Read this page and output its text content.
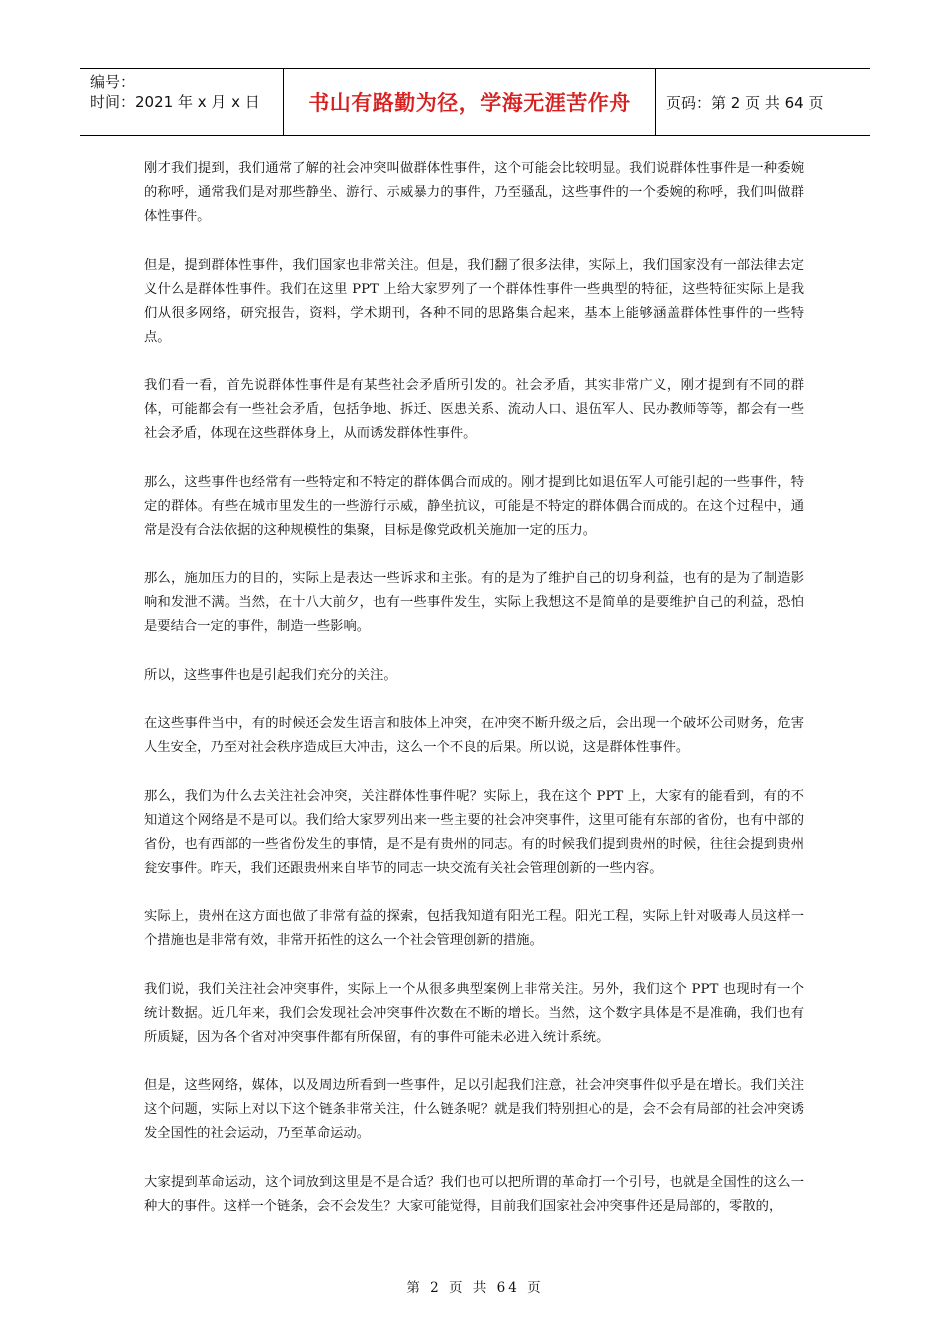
编号：
时间：2021 年 x 月 x 日	书山有路勤为径，学海无涯苦作舟	页码：第 2 页 共 64 页

刚才我们提到，我们通常了解的社会冲突叫做群体性事件，这个可能会比较明显。我们说群体性事件是一种委婉的称呼，通常我们是对那些静坐、游行、示威暴力的事件，乃至骚乱，这些事件的一个委婉的称呼，我们叫做群体性事件。

但是，提到群体性事件，我们国家也非常关注。但是，我们翻了很多法律，实际上，我们国家没有一部法律去定义什么是群体性事件。我们在这里 PPT 上给大家罗列了一个群体性事件一些典型的特征，这些特征实际上是我们从很多网络，研究报告，资料，学术期刊，各种不同的思路集合起来，基本上能够涵盖群体性事件的一些特点。

我们看一看，首先说群体性事件是有某些社会矛盾所引发的。社会矛盾，其实非常广义，刚才提到有不同的群体，可能都会有一些社会矛盾，包括争地、拆迁、医患关系、流动人口、退伍军人、民办教师等等，都会有一些社会矛盾，体现在这些群体身上，从而诱发群体性事件。

那么，这些事件也经常有一些特定和不特定的群体偶合而成的。刚才提到比如退伍军人可能引起的一些事件，特定的群体。有些在城市里发生的一些游行示威，静坐抗议，可能是不特定的群体偶合而成的。在这个过程中，通常是没有合法依据的这种规模性的集聚，目标是像党政机关施加一定的压力。

那么，施加压力的目的，实际上是表达一些诉求和主张。有的是为了维护自己的切身利益，也有的是为了制造影响和发泄不满。当然，在十八大前夕，也有一些事件发生，实际上我想这不是简单的是要维护自己的利益，恐怕是要结合一定的事件，制造一些影响。

所以，这些事件也是引起我们充分的关注。

在这些事件当中，有的时候还会发生语言和肢体上冲突，在冲突不断升级之后，会出现一个破坏公司财务，危害人生安全，乃至对社会秩序造成巨大冲击，这么一个不良的后果。所以说，这是群体性事件。

那么，我们为什么去关注社会冲突，关注群体性事件呢？实际上，我在这个 PPT 上，大家有的能看到，有的不知道这个网络是不是可以。我们给大家罗列出来一些主要的社会冲突事件，这里可能有东部的省份，也有中部的省份，也有西部的一些省份发生的事情，是不是有贵州的同志。有的时候我们提到贵州的时候，往往会提到贵州瓮安事件。昨天，我们还跟贵州来自毕节的同志一块交流有关社会管理创新的一些内容。

实际上，贵州在这方面也做了非常有益的探索，包括我知道有阳光工程。阳光工程，实际上针对吸毒人员这样一个措施也是非常有效，非常开拓性的这么一个社会管理创新的措施。

我们说，我们关注社会冲突事件，实际上一个从很多典型案例上非常关注。另外，我们这个 PPT 也现时有一个统计数据。近几年来，我们会发现社会冲突事件次数在不断的增长。当然，这个数字具体是不是准确，我们也有所质疑，因为各个省对冲突事件都有所保留，有的事件可能未必进入统计系统。

但是，这些网络，媒体，以及周边所看到一些事件，足以引起我们注意，社会冲突事件似乎是在增长。我们关注这个问题，实际上对以下这个链条非常关注，什么链条呢？就是我们特别担心的是，会不会有局部的社会冲突诱发全国性的社会运动，乃至革命运动。

大家提到革命运动，这个词放到这里是不是合适？我们也可以把所谓的革命打一个引号，也就是全国性的这么一种大的事件。这样一个链条，会不会发生？大家可能觉得，目前我们国家社会冲突事件还是局部的，零散的，

第 2 页 共 64 页
